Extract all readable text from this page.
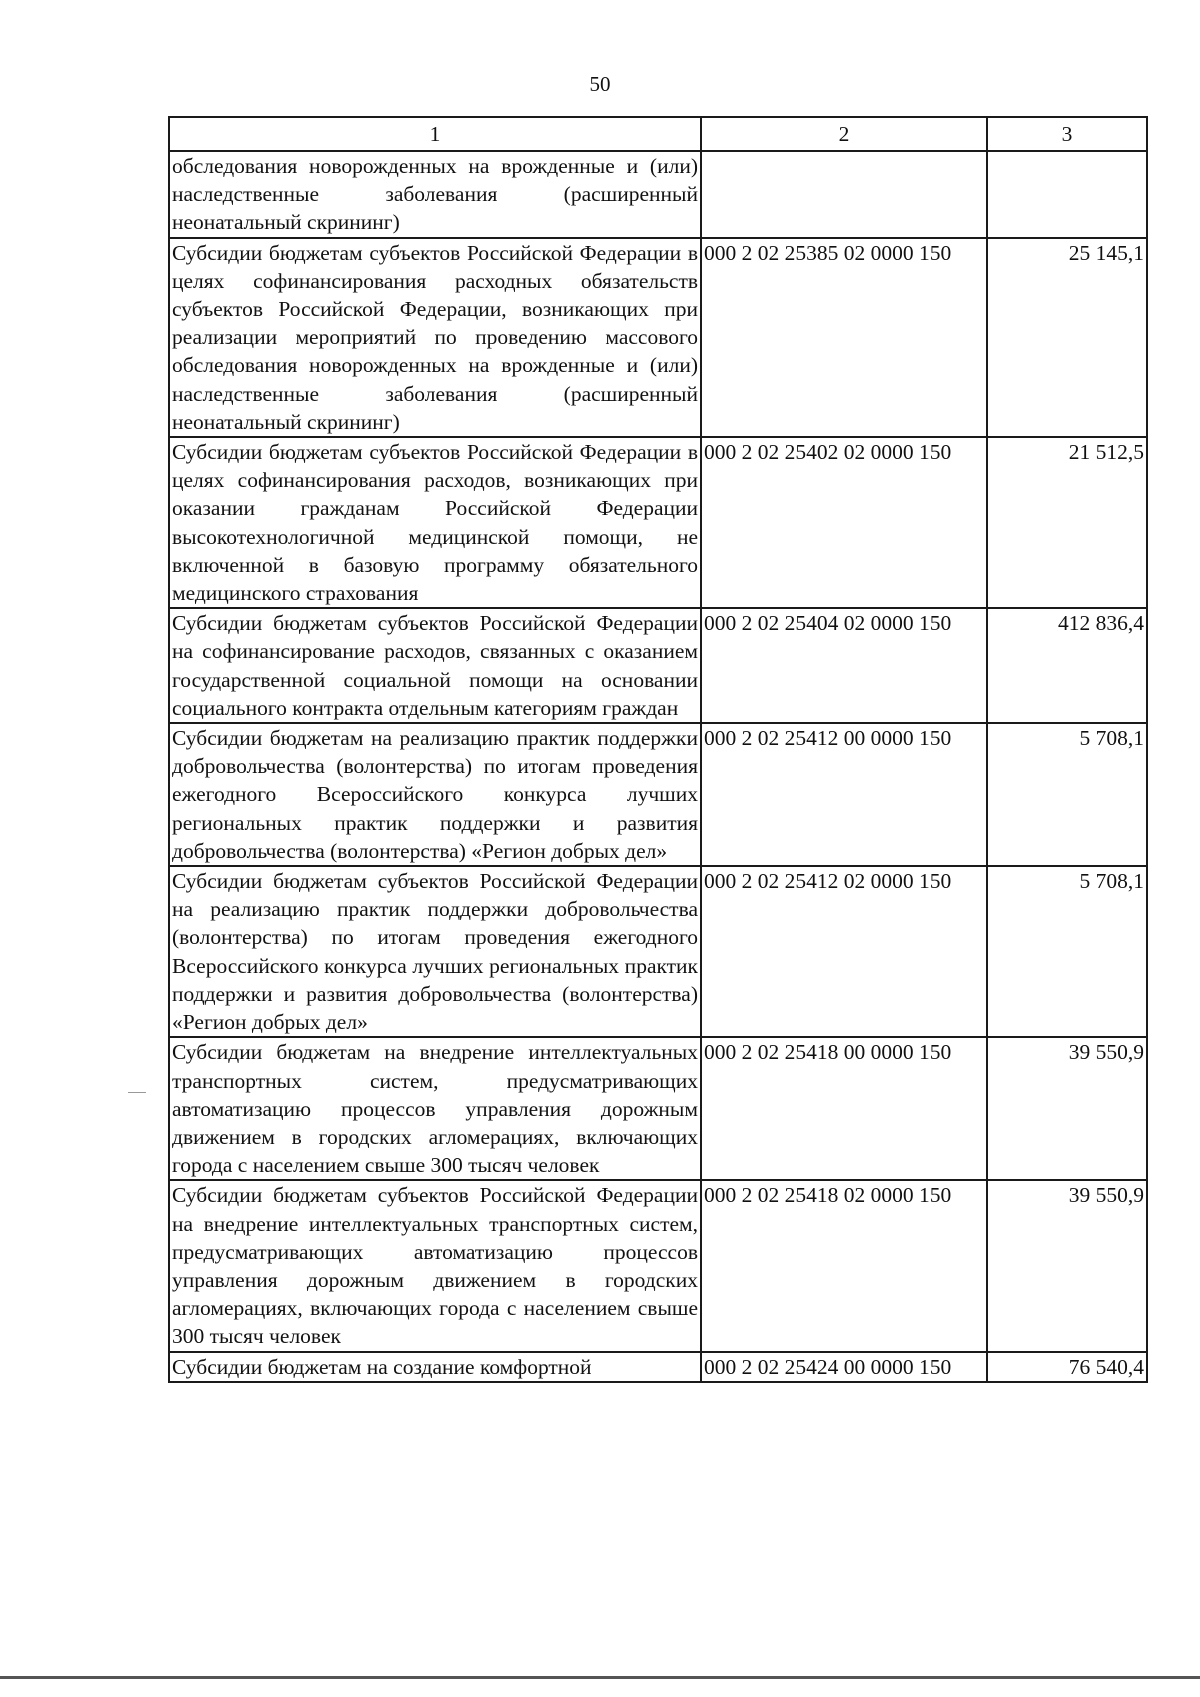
50
1	2	3
обследования новорожденных на врожденные и (или) наследственные заболевания (расширенный неонатальный скрининг)		
Субсидии бюджетам субъектов Российской Федерации в целях софинансирования расходных обязательств субъектов Российской Федерации, возникающих при реализации мероприятий по проведению массового обследования новорожденных на врожденные и (или) наследственные заболевания (расширенный неонатальный скрининг)	000 2 02 25385 02 0000 150	25 145,1
Субсидии бюджетам субъектов Российской Федерации в целях софинансирования расходов, возникающих при оказании гражданам Российской Федерации высокотехнологичной медицинской помощи, не включенной в базовую программу обязательного медицинского страхования	000 2 02 25402 02 0000 150	21 512,5
Субсидии бюджетам субъектов Российской Федерации на софинансирование расходов, связанных с оказанием государственной социальной помощи на основании социального контракта отдельным категориям граждан	000 2 02 25404 02 0000 150	412 836,4
Субсидии бюджетам на реализацию практик поддержки добровольчества (волонтерства) по итогам проведения ежегодного Всероссийского конкурса лучших региональных практик поддержки и развития добровольчества (волонтерства) «Регион добрых дел»	000 2 02 25412 00 0000 150	5 708,1
Субсидии бюджетам субъектов Российской Федерации на реализацию практик поддержки добровольчества (волонтерства) по итогам проведения ежегодного Всероссийского конкурса лучших региональных практик поддержки и развития добровольчества (волонтерства) «Регион добрых дел»	000 2 02 25412 02 0000 150	5 708,1
Субсидии бюджетам на внедрение интеллектуальных транспортных систем, предусматривающих автоматизацию процессов управления дорожным движением в городских агломерациях, включающих города с населением свыше 300 тысяч человек	000 2 02 25418 00 0000 150	39 550,9
Субсидии бюджетам субъектов Российской Федерации на внедрение интеллектуальных транспортных систем, предусматривающих автоматизацию процессов управления дорожным движением в городских агломерациях, включающих города с населением свыше 300 тысяч человек	000 2 02 25418 02 0000 150	39 550,9
Субсидии бюджетам на создание комфортной	000 2 02 25424 00 0000 150	76 540,4
